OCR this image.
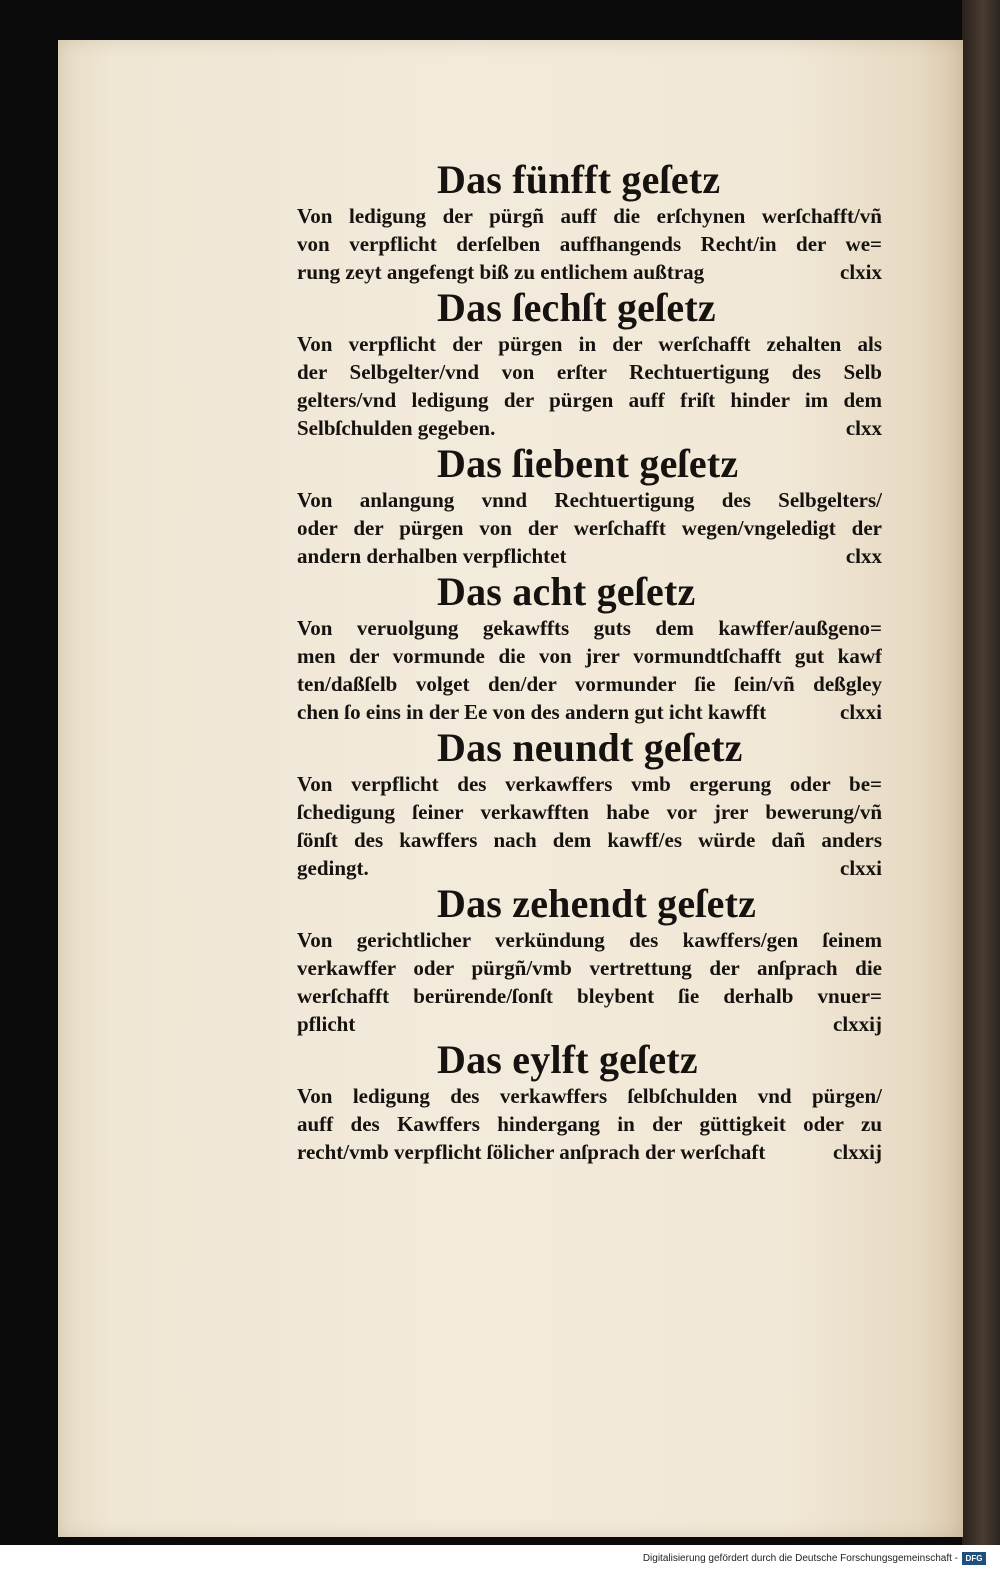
Das fünfft geſetz
Von ledigung der pürgñ auff die erſchynen werſchafft/vñ
von verpflicht derſelben auffhangends Recht/in der we=
rung zeyt angefengt biß zu entlichem außtrag	clxix
Das ſechſt geſetz
Von verpflicht der pürgen in der werſchafft zehalten als
der Selbgelter/vnd von erſter Rechtuertigung des Selb
gelters/vnd ledigung der pürgen auff friſt hinder im dem
Selbſchulden gegeben.	clxx
Das ſiebent geſetz
Von anlangung vnnd Rechtuertigung des Selbgelters/
oder der pürgen von der werſchafft wegen/vngeledigt der
andern derhalben verpflichtet	clxx
Das acht geſetz
Von veruolgung gekawffts guts dem kawffer/außgeno=
men der vormunde die von jrer vormundtſchafft gut kawf
ten/daßſelb volget den/der vormunder ſie ſein/vñ deßgley
chen ſo eins in der Ee von des andern gut icht kawfft	clxxi
Das neundt geſetz
Von verpflicht des verkawffers vmb ergerung oder be=
ſchedigung ſeiner verkawfften habe vor jrer bewerung/vñ
ſönſt des kawffers nach dem kawff/es würde dañ anders
gedingt.	clxxi
Das zehendt geſetz
Von gerichtlicher verkündung des kawffers/gen ſeinem
verkawffer oder pürgñ/vmb vertrettung der anſprach die
werſchafft berürende/ſonſt bleybent ſie derhalb vnuer=
pflicht	clxxij
Das eylft geſetz
Von ledigung des verkawffers ſelbſchulden vnd pürgen/
auff des Kawffers hindergang in der güttigkeit oder zu
recht/vmb verpflicht ſölicher anſprach der werſchaft	clxxij
Digitalisierung gefördert durch die Deutsche Forschungsgemeinschaft - DFG
